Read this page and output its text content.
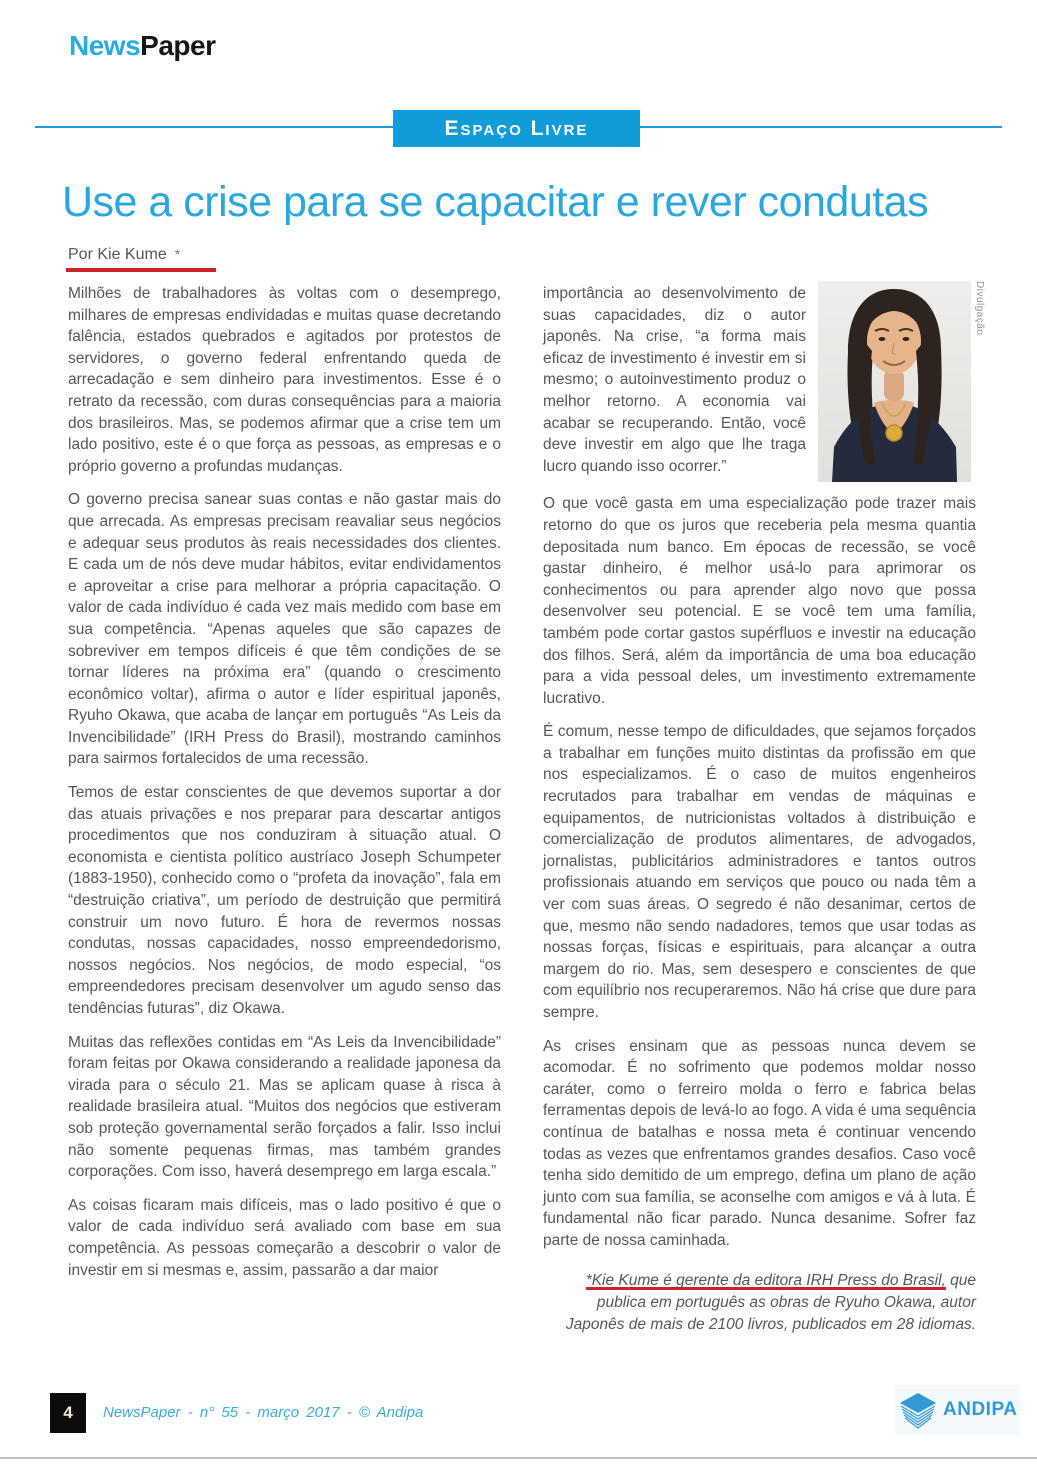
NewsPaper
Espaço Livre
Use a crise para se capacitar e rever condutas
Por Kie Kume *

Milhões de trabalhadores às voltas com o desemprego, milhares de empresas endividadas e muitas quase decretando falência, estados quebrados e agitados por protestos de servidores, o governo federal enfrentando queda de arrecadação e sem dinheiro para investimentos. Esse é o retrato da recessão, com duras consequências para a maioria dos brasileiros. Mas, se podemos afirmar que a crise tem um lado positivo, este é o que força as pessoas, as empresas e o próprio governo a profundas mudanças.

O governo precisa sanear suas contas e não gastar mais do que arrecada. As empresas precisam reavaliar seus negócios e adequar seus produtos às reais necessidades dos clientes. E cada um de nós deve mudar hábitos, evitar endividamentos e aproveitar a crise para melhorar a própria capacitação. O valor de cada indivíduo é cada vez mais medido com base em sua competência. “Apenas aqueles que são capazes de sobreviver em tempos difíceis é que têm condições de se tornar líderes na próxima era” (quando o crescimento econômico voltar), afirma o autor e líder espiritual japonês, Ryuho Okawa, que acaba de lançar em português “As Leis da Invencibilidade” (IRH Press do Brasil), mostrando caminhos para sairmos fortalecidos de uma recessão.

Temos de estar conscientes de que devemos suportar a dor das atuais privações e nos preparar para descartar antigos procedimentos que nos conduziram à situação atual. O economista e cientista político austríaco Joseph Schumpeter (1883-1950), conhecido como o “profeta da inovação”, fala em “destruição criativa”, um período de destruição que permitirá construir um novo futuro. É hora de revermos nossas condutas, nossas capacidades, nosso empreendedorismo, nossos negócios. Nos negócios, de modo especial, “os empreendedores precisam desenvolver um agudo senso das tendências futuras”, diz Okawa.

Muitas das reflexões contidas em “As Leis da Invencibilidade” foram feitas por Okawa considerando a realidade japonesa da virada para o século 21. Mas se aplicam quase à risca à realidade brasileira atual. “Muitos dos negócios que estiveram sob proteção governamental serão forçados a falir. Isso inclui não somente pequenas firmas, mas também grandes corporações. Com isso, haverá desemprego em larga escala.”

As coisas ficaram mais difíceis, mas o lado positivo é que o valor de cada indivíduo será avaliado com base em sua competência. As pessoas começarão a descobrir o valor de investir em si mesmas e, assim, passarão a dar maior

importância ao desenvolvimento de suas capacidades, diz o autor japonês. Na crise, “a forma mais eficaz de investimento é investir em si mesmo; o autoinvestimento produz o melhor retorno. A economia vai acabar se recuperando. Então, você deve investir em algo que lhe traga lucro quando isso ocorrer.”

O que você gasta em uma especialização pode trazer mais retorno do que os juros que receberia pela mesma quantia depositada num banco. Em épocas de recessão, se você gastar dinheiro, é melhor usá-lo para aprimorar os conhecimentos ou para aprender algo novo que possa desenvolver seu potencial. E se você tem uma família, também pode cortar gastos supérfluos e investir na educação dos filhos. Será, além da importância de uma boa educação para a vida pessoal deles, um investimento extremamente lucrativo.

É comum, nesse tempo de dificuldades, que sejamos forçados a trabalhar em funções muito distintas da profissão em que nos especializamos. É o caso de muitos engenheiros recrutados para trabalhar em vendas de máquinas e equipamentos, de nutricionistas voltados à distribuição e comercialização de produtos alimentares, de advogados, jornalistas, publicitários administradores e tantos outros profissionais atuando em serviços que pouco ou nada têm a ver com suas áreas. O segredo é não desanimar, certos de que, mesmo não sendo nadadores, temos que usar todas as nossas forças, físicas e espirituais, para alcançar a outra margem do rio. Mas, sem desespero e conscientes de que com equilíbrio nos recuperaremos. Não há crise que dure para sempre.

As crises ensinam que as pessoas nunca devem se acomodar. É no sofrimento que podemos moldar nosso caráter, como o ferreiro molda o ferro e fabrica belas ferramentas depois de levá-lo ao fogo. A vida é uma sequência contínua de batalhas e nossa meta é continuar vencendo todas as vezes que enfrentamos grandes desafios. Caso você tenha sido demitido de um emprego, defina um plano de ação junto com sua família, se aconselhe com amigos e vá à luta. É fundamental não ficar parado. Nunca desanime. Sofrer faz parte de nossa caminhada.

*Kie Kume é gerente da editora IRH Press do Brasil, que publica em português as obras de Ryuho Okawa, autor Japonês de mais de 2100 livros, publicados em 28 idiomas.
Divulgação
4	NewsPaper - n° 55 - março 2017 - © Andipa	ANDIPA
